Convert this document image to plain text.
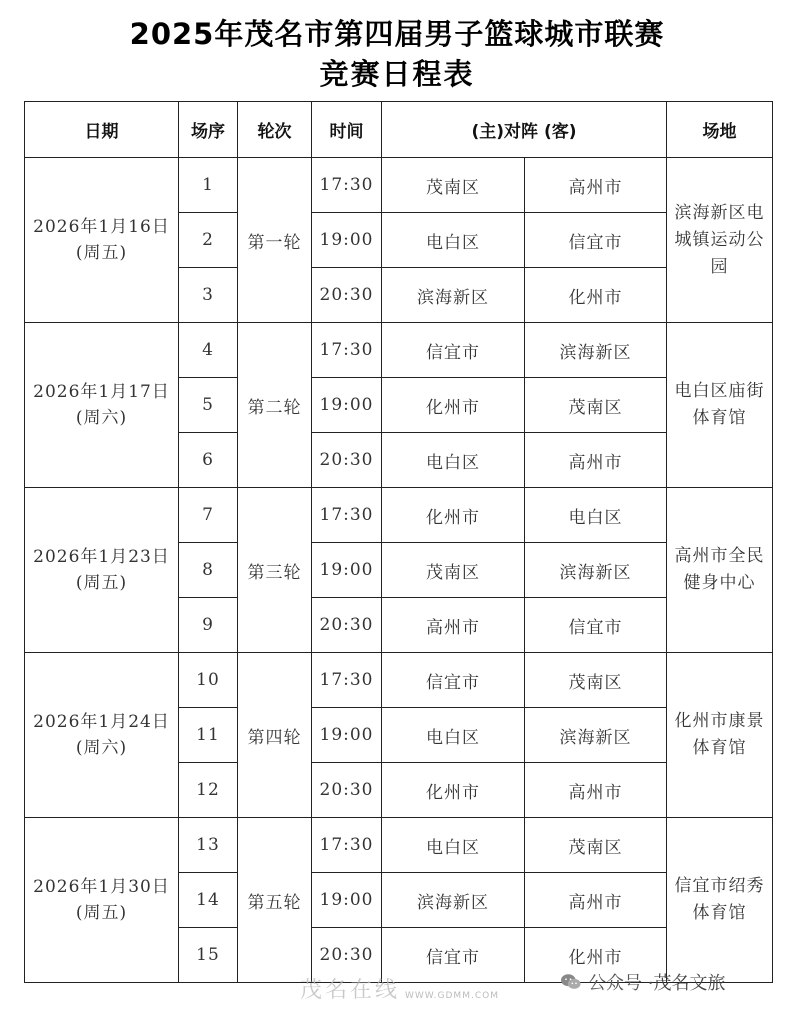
2025年茂名市第四届男子篮球城市联赛
竞赛日程表
日期	场序	轮次	时间	(主)对阵 (客)		场地

2026年1月16日
(周五)	1	第一轮	17:30	茂南区	高州市	滨海新区电城镇运动公园
	2		19:00	电白区	信宜市	
	3		20:30	滨海新区	化州市	

2026年1月17日
(周六)	4	第二轮	17:30	信宜市	滨海新区	电白区庙街体育馆
	5		19:00	化州市	茂南区	
	6		20:30	电白区	高州市	

2026年1月23日
(周五)	7	第三轮	17:30	化州市	电白区	高州市全民健身中心
	8		19:00	茂南区	滨海新区	
	9		20:30	高州市	信宜市	

2026年1月24日
(周六)	10	第四轮	17:30	信宜市	茂南区	化州市康景体育馆
	11		19:00	电白区	滨海新区	
	12		20:30	化州市	高州市	

2026年1月30日
(周五)	13	第五轮	17:30	电白区	茂南区	信宜市绍秀体育馆
	14		19:00	滨海新区	高州市	
	15		20:30	信宜市	化州市	
茂名在线 WWW.GDMM.COM
公众号 · 茂名文旅
